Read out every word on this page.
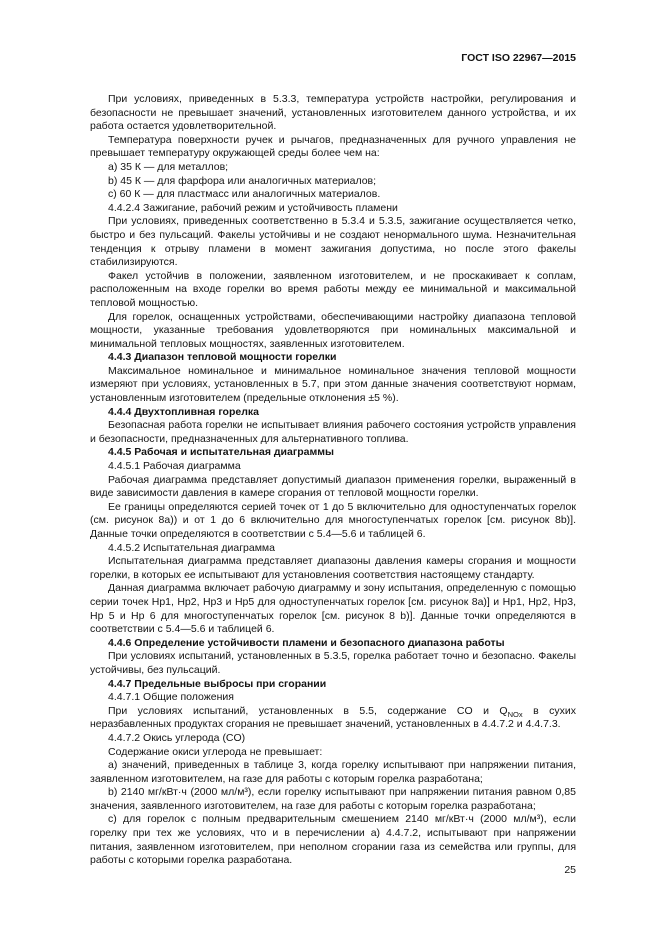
ГОСТ ISO 22967—2015

При условиях, приведенных в 5.3.3, температура устройств настройки, регулирования и безопасности не превышает значений, установленных изготовителем данного устройства, и их работа остается удовлетворительной.

Температура поверхности ручек и рычагов, предназначенных для ручного управления не превышает температуру окружающей среды более чем на:

a) 35 К — для металлов;

b) 45 К — для фарфора или аналогичных материалов;

c) 60 К — для пластмасс или аналогичных материалов.

4.4.2.4 Зажигание, рабочий режим и устойчивость пламени

При условиях, приведенных соответственно в 5.3.4 и 5.3.5, зажигание осуществляется четко, быстро и без пульсаций. Факелы устойчивы и не создают ненормального шума. Незначительная тенденция к отрыву пламени в момент зажигания допустима, но после этого факелы стабилизируются.

Факел устойчив в положении, заявленном изготовителем, и не проскакивает к соплам, расположенным на входе горелки во время работы между ее минимальной и максимальной тепловой мощностью.

Для горелок, оснащенных устройствами, обеспечивающими настройку диапазона тепловой мощности, указанные требования удовлетворяются при номинальных максимальной и минимальной тепловых мощностях, заявленных изготовителем.

4.4.3 Диапазон тепловой мощности горелки

Максимальное номинальное и минимальное номинальное значения тепловой мощности измеряют при условиях, установленных в 5.7, при этом данные значения соответствуют нормам, установленным изготовителем (предельные отклонения ±5 %).

4.4.4 Двухтопливная горелка

Безопасная работа горелки не испытывает влияния рабочего состояния устройств управления и безопасности, предназначенных для альтернативного топлива.

4.4.5 Рабочая и испытательная диаграммы

4.4.5.1 Рабочая диаграмма

Рабочая диаграмма представляет допустимый диапазон применения горелки, выраженный в виде зависимости давления в камере сгорания от тепловой мощности горелки.

Ее границы определяются серией точек от 1 до 5 включительно для одноступенчатых горелок (см. рисунок 8a)) и от 1 до 6 включительно для многоступенчатых горелок [см. рисунок 8b)]. Данные точки определяются в соответствии с 5.4—5.6 и таблицей 6.

4.4.5.2 Испытательная диаграмма

Испытательная диаграмма представляет диапазоны давления камеры сгорания и мощности горелки, в которых ее испытывают для установления соответствия настоящему стандарту.

Данная диаграмма включает рабочую диаграмму и зону испытания, определенную с помощью серии точек Hp1, Hp2, Hp3 и Hp5 для одноступенчатых горелок [см. рисунок 8a)] и Hp1, Hp2, Hp3, Hp 5 и Hp 6 для многоступенчатых горелок [см. рисунок 8 b)]. Данные точки определяются в соответствии с 5.4—5.6 и таблицей 6.

4.4.6 Определение устойчивости пламени и безопасного диапазона работы

При условиях испытаний, установленных в 5.3.5, горелка работает точно и безопасно. Факелы устойчивы, без пульсаций.

4.4.7 Предельные выбросы при сгорании

4.4.7.1 Общие положения

При условиях испытаний, установленных в 5.5, содержание CO и $Q_{NOx}$ в сухих неразбавленных продуктах сгорания не превышает значений, установленных в 4.4.7.2 и 4.4.7.3.

4.4.7.2 Окись углерода (CO)

Содержание окиси углерода не превышает:

a) значений, приведенных в таблице 3, когда горелку испытывают при напряжении питания, заявленном изготовителем, на газе для работы с которым горелка разработана;

b) 2140 мг/кВт·ч (2000 мл/м³), если горелку испытывают при напряжении питания равном 0,85 значения, заявленного изготовителем, на газе для работы с которым горелка разработана;

c) для горелок с полным предварительным смешением 2140 мг/кВт·ч (2000 мл/м³), если горелку при тех же условиях, что и в перечислении a) 4.4.7.2, испытывают при напряжении питания, заявленном изготовителем, при неполном сгорании газа из семейства или группы, для работы с которыми горелка разработана.

25
